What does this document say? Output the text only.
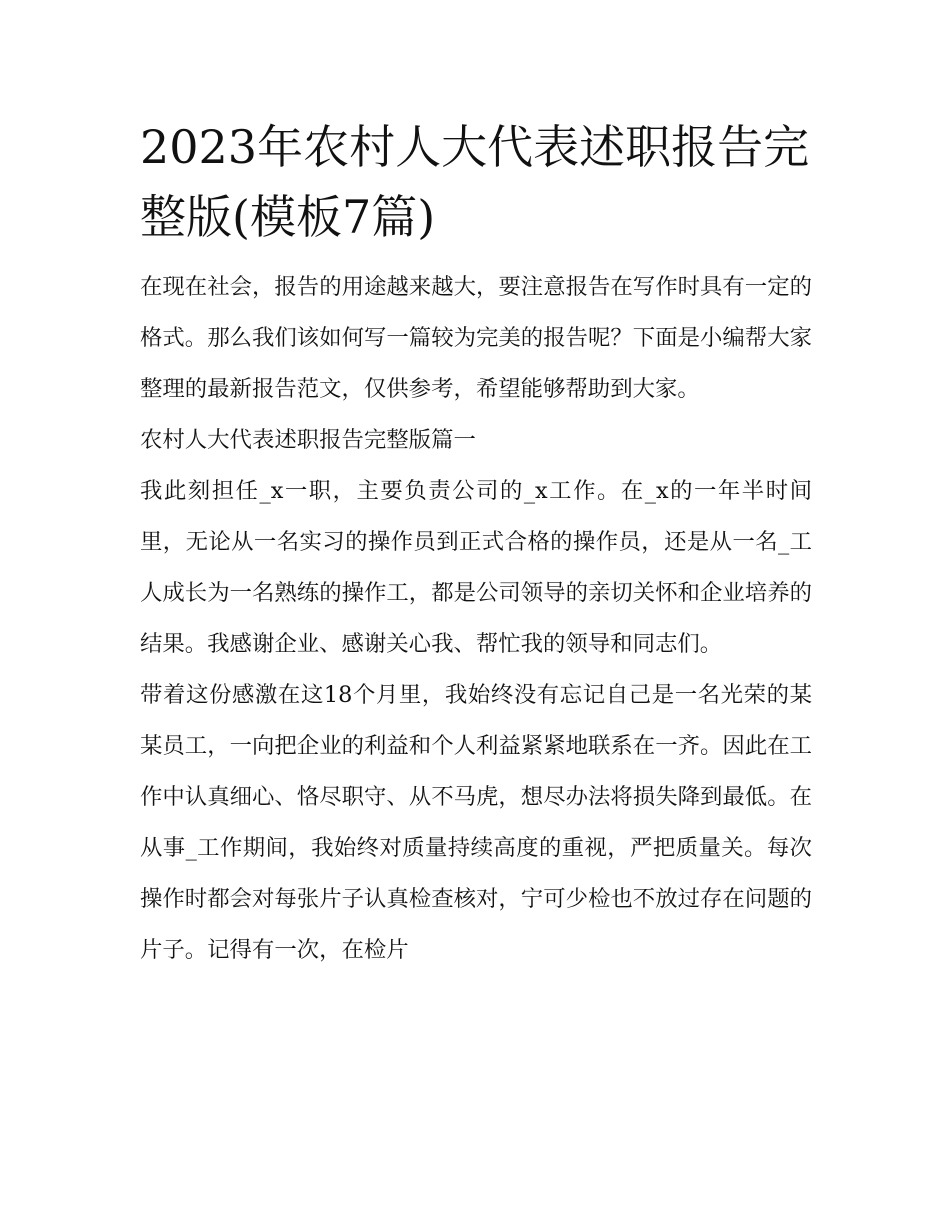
2023年农村人大代表述职报告完整版(模板7篇)

在现在社会，报告的用途越来越大，要注意报告在写作时具有一定的格式。那么我们该如何写一篇较为完美的报告呢？下面是小编帮大家整理的最新报告范文，仅供参考，希望能够帮助到大家。

农村人大代表述职报告完整版篇一

我此刻担任_x一职，主要负责公司的_x工作。在_x的一年半时间里，无论从一名实习的操作员到正式合格的操作员，还是从一名_工人成长为一名熟练的操作工，都是公司领导的亲切关怀和企业培养的结果。我感谢企业、感谢关心我、帮忙我的领导和同志们。

带着这份感激在这18个月里，我始终没有忘记自己是一名光荣的某某员工，一向把企业的利益和个人利益紧紧地联系在一齐。因此在工作中认真细心、恪尽职守、从不马虎，想尽办法将损失降到最低。在从事_工作期间，我始终对质量持续高度的重视，严把质量关。每次操作时都会对每张片子认真检查核对，宁可少检也不放过存在问题的片子。记得有一次，在检片
